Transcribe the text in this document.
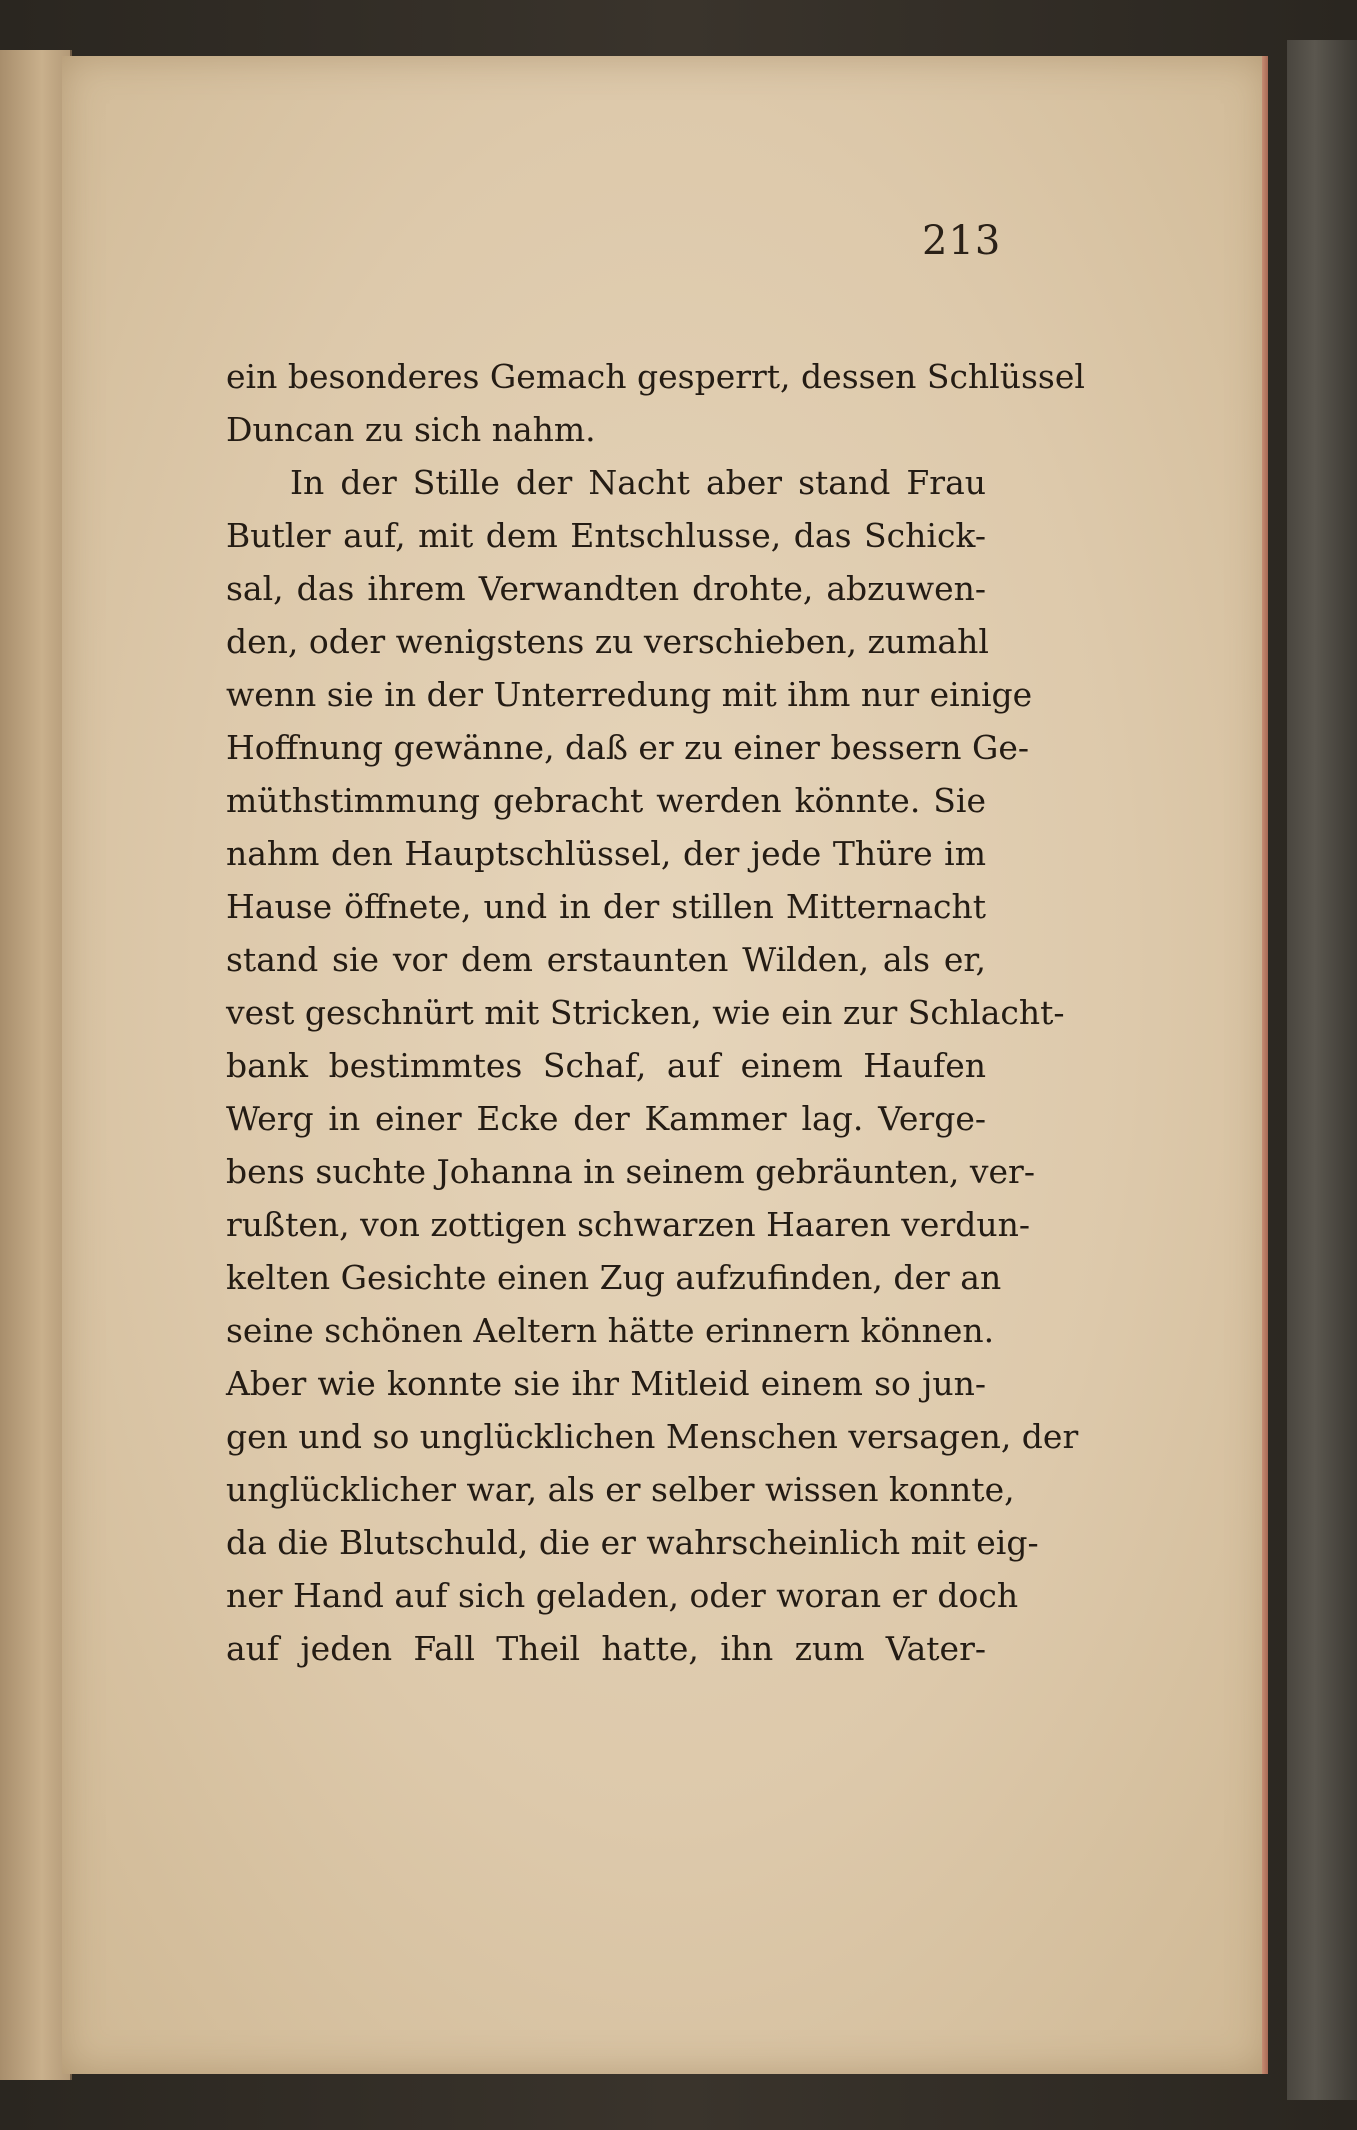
213
ein besonderes Gemach gesperrt, dessen Schlüssel
Duncan zu sich nahm.
In der Stille der Nacht aber stand Frau
Butler auf, mit dem Entschlusse, das Schick-
sal, das ihrem Verwandten drohte, abzuwen-
den, oder wenigstens zu verschieben, zumahl
wenn sie in der Unterredung mit ihm nur einige
Hoffnung gewänne, daß er zu einer bessern Ge-
müthstimmung gebracht werden könnte. Sie
nahm den Hauptschlüssel, der jede Thüre im
Hause öffnete, und in der stillen Mitternacht
stand sie vor dem erstaunten Wilden, als er,
vest geschnürt mit Stricken, wie ein zur Schlacht-
bank bestimmtes Schaf, auf einem Haufen
Werg in einer Ecke der Kammer lag. Verge-
bens suchte Johanna in seinem gebräunten, ver-
rußten, von zottigen schwarzen Haaren verdun-
kelten Gesichte einen Zug aufzufinden, der an
seine schönen Aeltern hätte erinnern können.
Aber wie konnte sie ihr Mitleid einem so jun-
gen und so unglücklichen Menschen versagen, der
unglücklicher war, als er selber wissen konnte,
da die Blutschuld, die er wahrscheinlich mit eig-
ner Hand auf sich geladen, oder woran er doch
auf jeden Fall Theil hatte, ihn zum Vater-
